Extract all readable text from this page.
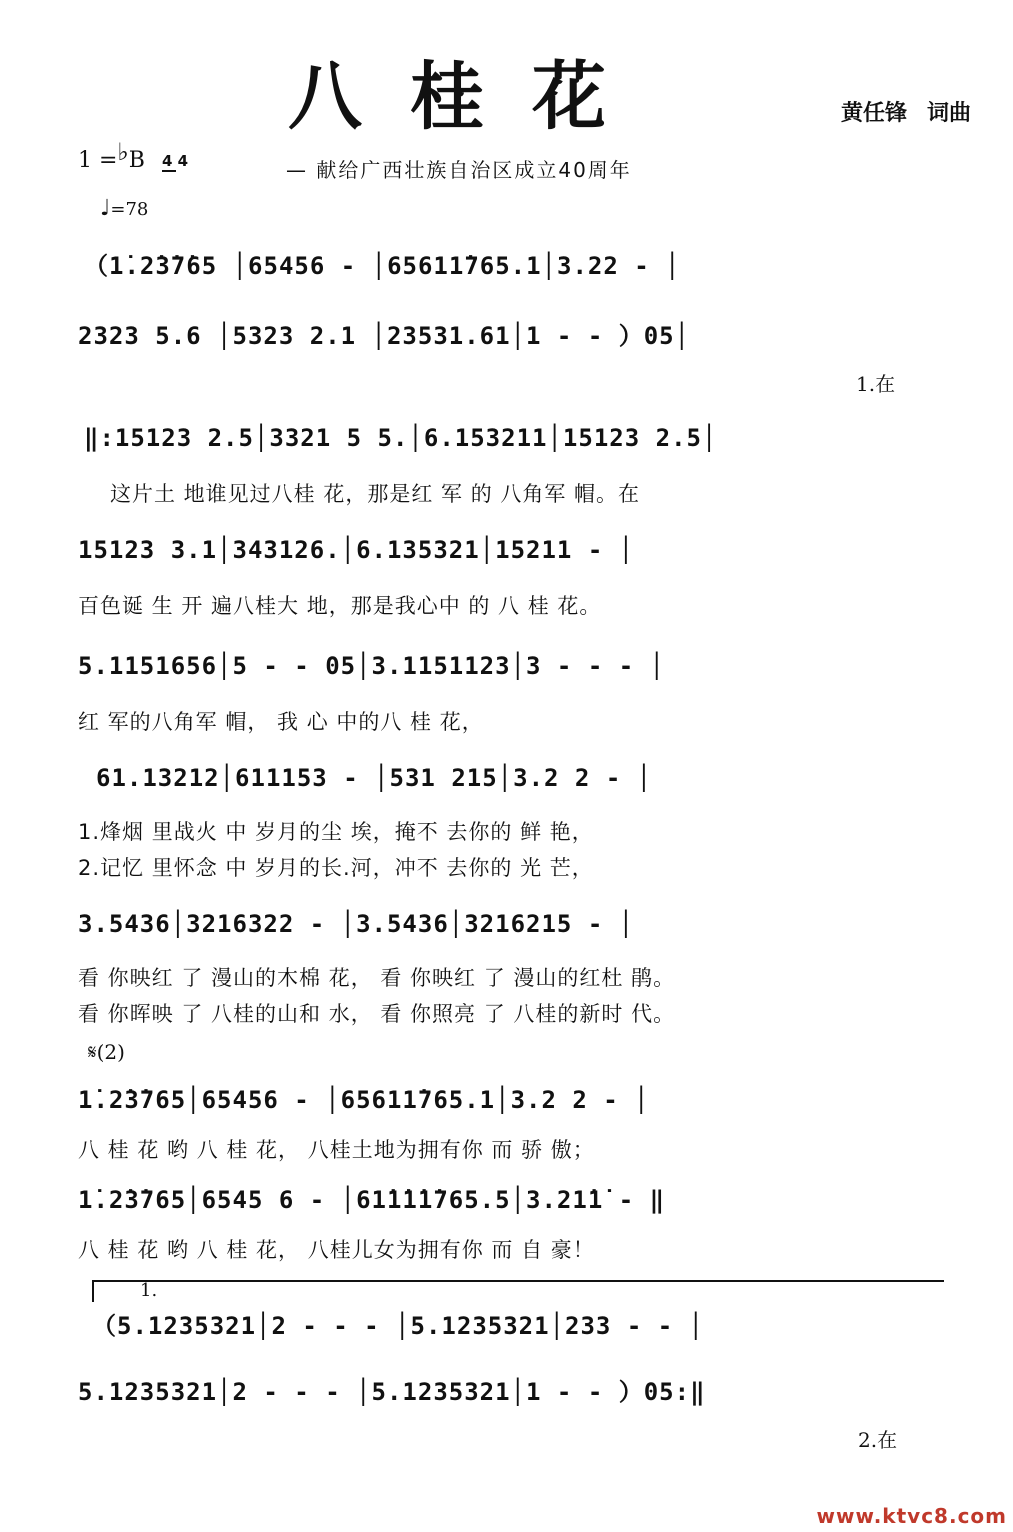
八桂花	黄任锋 词曲
1 =♭B 4 4	— 献给广西壮族自治区成立40周年
♩=78
（1̇.2̇3̇7̇65 │65456 - │65611̇765.1│3.22 - │
2323 5.6 │5323 2.1 │23531.61│1 - - ）05│
1.在
‖:15123 2.5│3321 5 5.│6.153211│15123 2.5│
这片土 地谁见过八桂 花，那是红 军 的 八角军 帽。在
15123 3.1│343126.│6.135321│15211 - │
百色诞 生 开 遍八桂大 地，那是我心中 的 八 桂 花。
5.1151656│5 - - 05│3.1151123│3 - - - │
红 军的八角军 帽， 我 心 中的八 桂 花，
61.13212│611153 - │531 215│3.2 2 - │
1.烽烟 里战火 中 岁月的尘 埃，掩不 去你的 鲜 艳，
2.记忆 里怀念 中 岁月的长.河，冲不 去你的 光 芒，
3.5436│3216322 - │3.5436│3216215 - │
看 你映红 了 漫山的木棉 花， 看 你映红 了 漫山的红杜 鹃。
看 你晖映 了 八桂的山和 水， 看 你照亮 了 八桂的新时 代。
𝄋(2)
1̇.2̇3̇765│65456 - │65611̇765.1│3.2 2 - │
八 桂 花 哟 八 桂 花， 八桂土地为拥有你 而 骄 傲；
1̇.2̇3̇765│6545 6 - │61̇1̇1̇1̇765.5│3.21̇1̇ - ‖
八 桂 花 哟 八 桂 花， 八桂儿女为拥有你 而 自 豪！
1.
（5.1235321│2 - - - │5.1235321│233 - - │
5.1235321│2 - - - │5.1235321│1 - - ）05:‖
2.在
www.ktvc8.com
